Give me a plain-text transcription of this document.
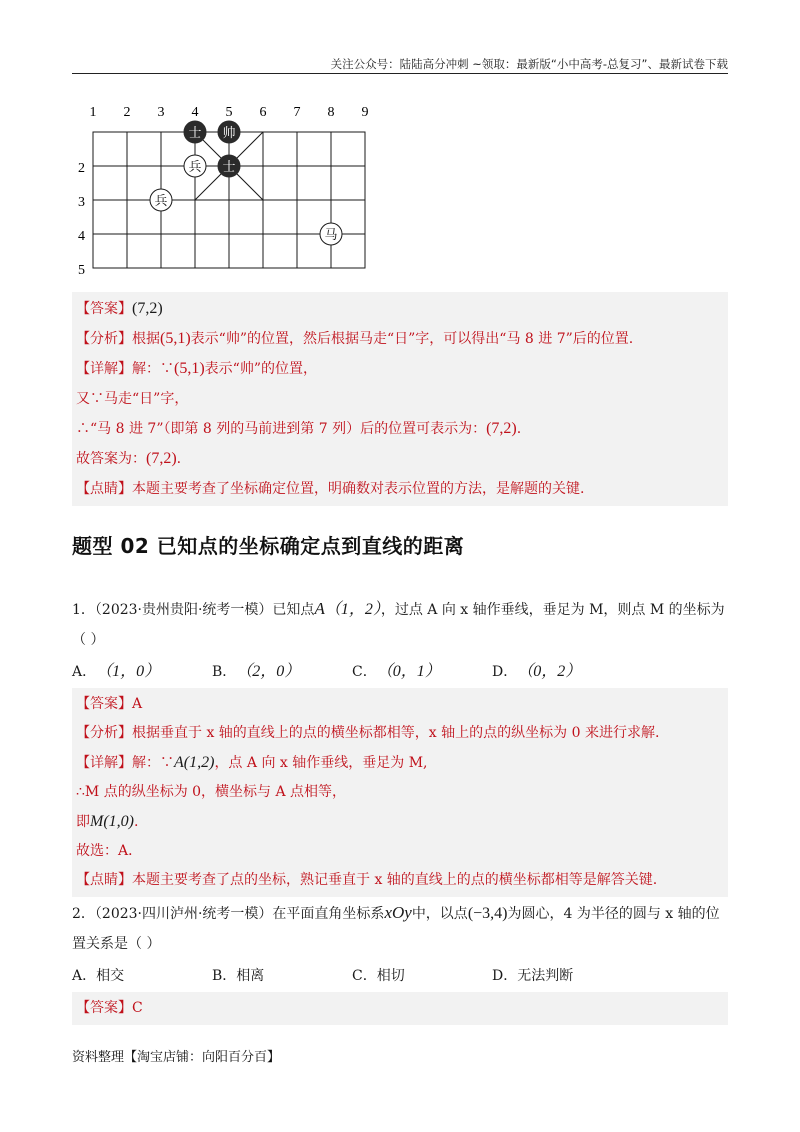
关注公众号：陆陆高分冲刺 ~领取：最新版“小中高考-总复习”、最新试卷下载
1 2 3 4 5 6 7 8 9
2
3
4
5
士 帅
兵 士
兵
马
【答案】(7,2)
【分析】根据(5,1)表示“帅”的位置，然后根据马走“日”字，可以得出“马 8 进 7”后的位置.
【详解】解：∵(5,1)表示“帅”的位置，
又∵马走“日”字，
∴“马 8 进 7”（即第 8 列的马前进到第 7 列）后的位置可表示为：(7,2).
故答案为：(7,2).
【点睛】本题主要考查了坐标确定位置，明确数对表示位置的方法，是解题的关键.
题型 02 已知点的坐标确定点到直线的距离
1．（2023·贵州贵阳·统考一模）已知点A（1，2），过点 A 向 x 轴作垂线，垂足为 M，则点 M 的坐标为
（ ）
A． （1，0）	B． （2，0）	C． （0，1）	D． （0，2）
【答案】A
【分析】根据垂直于 x 轴的直线上的点的横坐标都相等，x 轴上的点的纵坐标为 0 来进行求解.
【详解】解：∵A(1,2)，点 A 向 x 轴作垂线，垂足为 M,
∴M 点的纵坐标为 0，横坐标与 A 点相等，
即M(1,0).
故选：A．
【点睛】本题主要考查了点的坐标，熟记垂直于 x 轴的直线上的点的横坐标都相等是解答关键.
2．（2023·四川泸州·统考一模）在平面直角坐标系xOy中，以点(−3,4)为圆心，4 为半径的圆与 x 轴的位
置关系是（ ）
A．相交	B．相离	C．相切	D．无法判断
【答案】C
资料整理【淘宝店铺：向阳百分百】
